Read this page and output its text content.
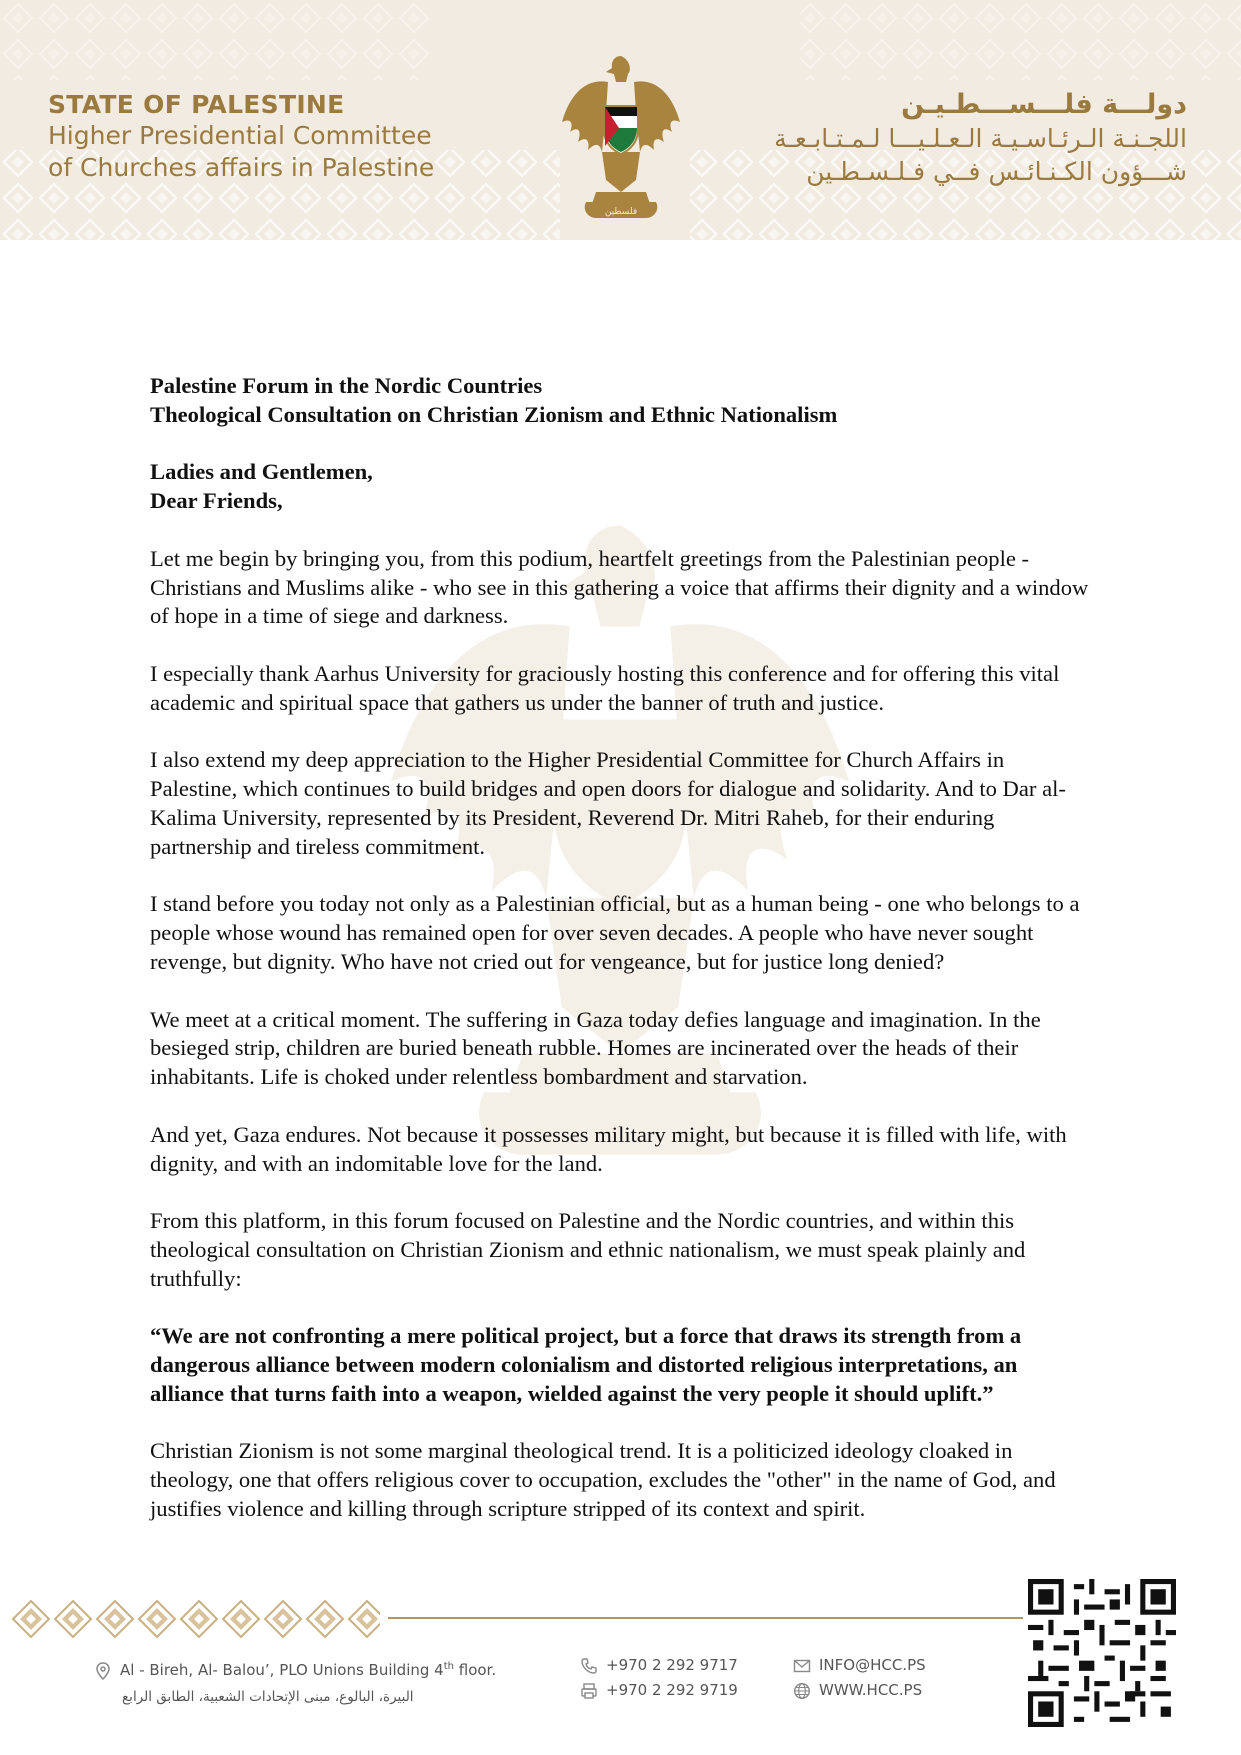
STATE OF PALESTINE
Higher Presidential Committee
of Churches affairs in Palestine
فلسطين
دولـــة فلـــســـطـيـن
اللجـنـة الـرئـاسـيـة الـعـلـيـــا لـمـتـابـعـة
شـــؤون الكـنـائـس فــي فـلـسـطـين

Palestine Forum in the Nordic Countries
Theological Consultation on Christian Zionism and Ethnic Nationalism

Ladies and Gentlemen,
Dear Friends,

Let me begin by bringing you, from this podium, heartfelt greetings from the Palestinian people - Christians and Muslims alike - who see in this gathering a voice that affirms their dignity and a window of hope in a time of siege and darkness.

I especially thank Aarhus University for graciously hosting this conference and for offering this vital academic and spiritual space that gathers us under the banner of truth and justice.

I also extend my deep appreciation to the Higher Presidential Committee for Church Affairs in Palestine, which continues to build bridges and open doors for dialogue and solidarity. And to Dar al-Kalima University, represented by its President, Reverend Dr. Mitri Raheb, for their enduring partnership and tireless commitment.

I stand before you today not only as a Palestinian official, but as a human being - one who belongs to a people whose wound has remained open for over seven decades. A people who have never sought revenge, but dignity. Who have not cried out for vengeance, but for justice long denied?

We meet at a critical moment. The suffering in Gaza today defies language and imagination. In the besieged strip, children are buried beneath rubble. Homes are incinerated over the heads of their inhabitants. Life is choked under relentless bombardment and starvation.

And yet, Gaza endures. Not because it possesses military might, but because it is filled with life, with dignity, and with an indomitable love for the land.

From this platform, in this forum focused on Palestine and the Nordic countries, and within this theological consultation on Christian Zionism and ethnic nationalism, we must speak plainly and truthfully:

“We are not confronting a mere political project, but a force that draws its strength from a dangerous alliance between modern colonialism and distorted religious interpretations, an alliance that turns faith into a weapon, wielded against the very people it should uplift.”

Christian Zionism is not some marginal theological trend. It is a politicized ideology cloaked in theology, one that offers religious cover to occupation, excludes the "other" in the name of God, and justifies violence and killing through scripture stripped of its context and spirit.

Al - Bireh, Al- Balou’, PLO Unions Building 4th floor.
البيرة، البالوع، مبنى الإتحادات الشعبية، الطابق الرابع
+970 2 292 9717
+970 2 292 9719
INFO@HCC.PS
WWW.HCC.PS
